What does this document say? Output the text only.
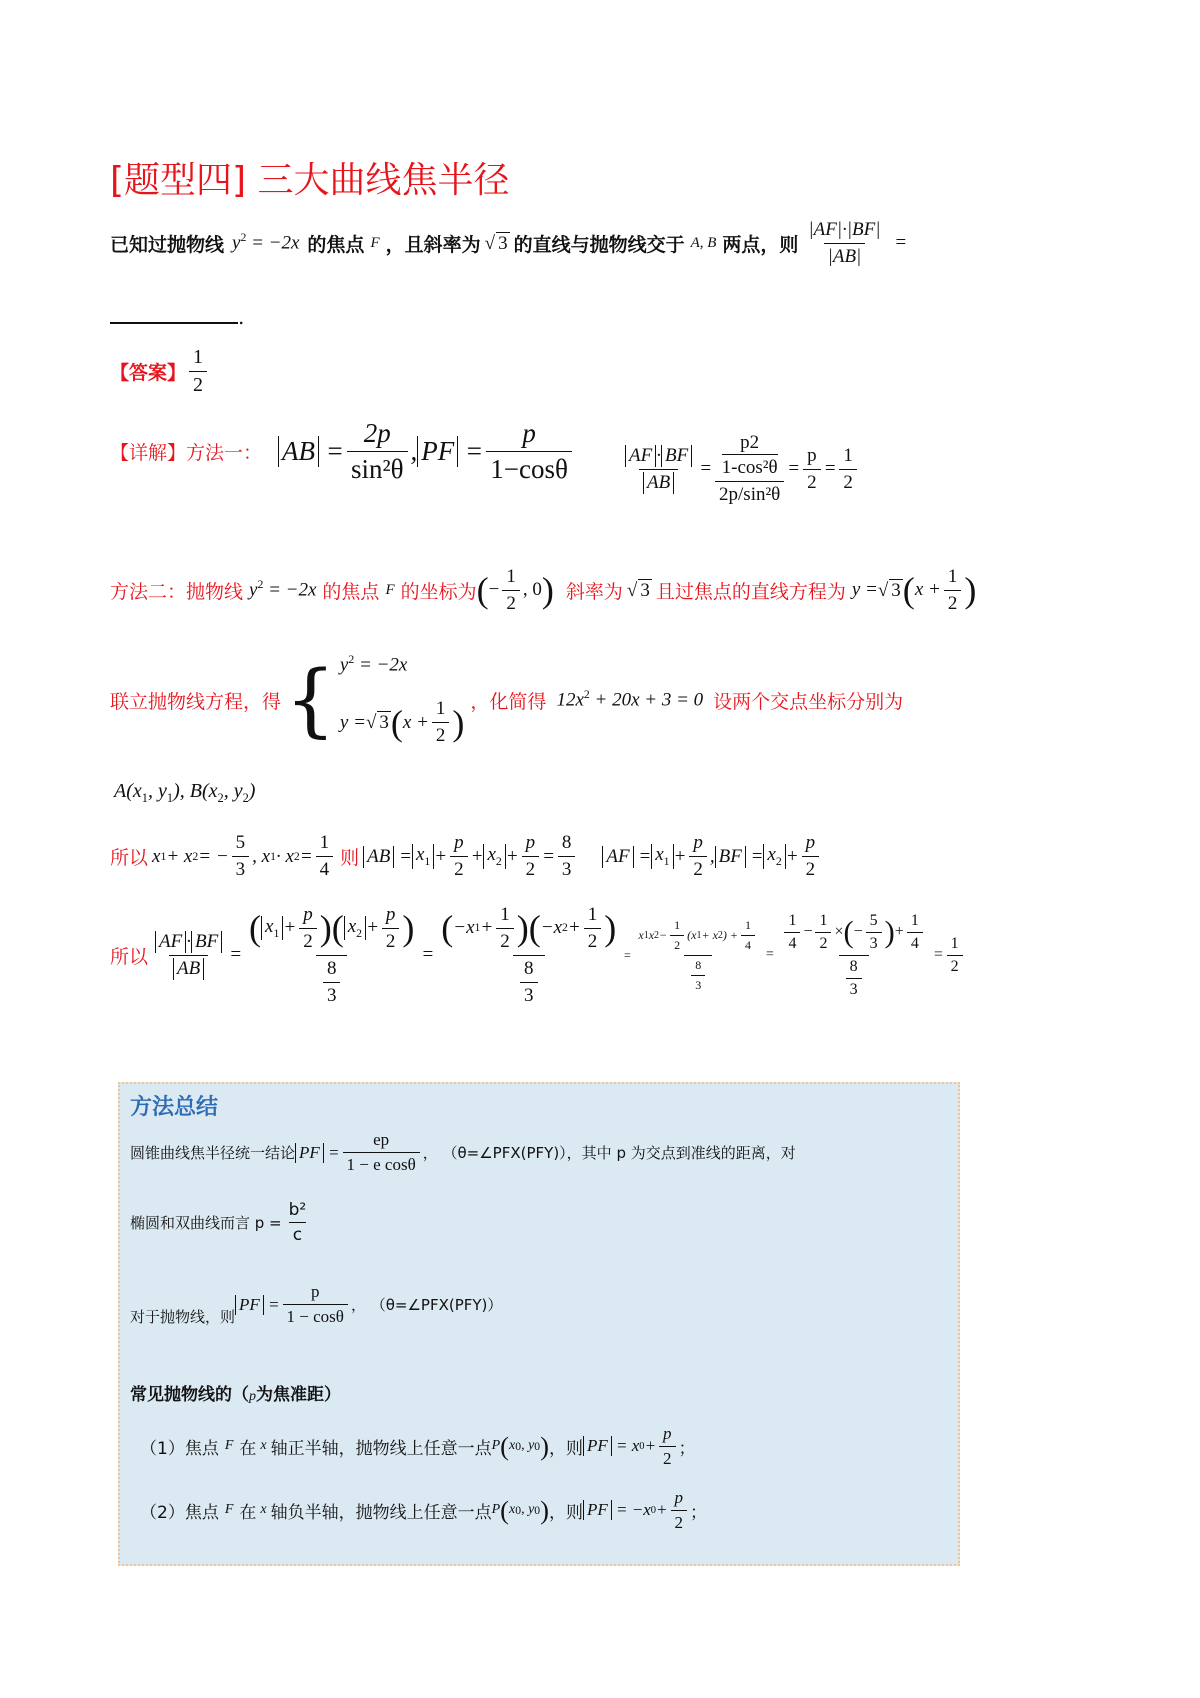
[题型四] 三大曲线焦半径
已知过抛物线 $y^2 = -2x$ 的焦点 F ，且斜率为 √ 3 的直线与抛物线交于 A, B 两点，则 $\frac{|AF|\cdot|BF|}{|AB|}$ =
.
【答案】 $\frac{1}{2}$
【详解】方法一： AB = $\frac{2p}{\text{sin²θ}}$ , PF = $\frac{p}{1-\cos\theta}$	$\frac{AF \cdot BF}{AB} = p2$
1-cos²θ
$2p/\sin^2\theta = \frac{p}{2} = \frac{1}{2}$
方法二：抛物线 $y^2 = -2x$ 的焦点 F 的坐标为 ( − $\frac{1}{2}$ , 0 ) 斜率为 √ 3 且过焦点的直线方程为 y = √ 3 ( $x + \frac{1}{2}$ )
联立抛物线方程，得 { $y^2 = -2x$
y = √ 3 ( $x + \frac{1}{2}$ )
，化简得 $12x^2 + 20x + 3 = 0$ 设两个交点坐标分别为
$A(x_1$, $y_1$), $B(x_2$, $y_2$)
所以 x 1 + x 2 = − $\frac{5}{3}$ , x 1 · x $2 = \frac{1}{4}$ 则 AB = $x_1 + \frac{p}{2} + x_2 + \frac{p}{2} = \frac{8}{3}$ AF = $x_1 + \frac{p}{2}$ , BF = $x_2 + \frac{p}{2}$
所以 $\frac{AF \cdot BF}{AB} = \frac{( x_1 + \frac{p}{2} ) ( x_2 + \frac{p}{2} )}{\frac{8}{3}} = \frac{( -x 1 + \frac{1}{2} ) ( -x 2 + \frac{1}{2} )}{\frac{8}{3}} = \frac{x 1 x 2 - \frac{1}{2} (x 1 + x 2 ) + \frac{1}{4}}{\frac{8}{3}} = \frac{\frac{1}{4} - \frac{1}{2} \times ( - \frac{5}{3} ) + \frac{1}{4}}{\frac{8}{3}} = \frac{1}{2}$
方法总结
圆锥曲线焦半径统一结论 PF = $\frac{ep}{\text{1 − e cosθ}}$ ， （θ=∠PFX(PFY)），其中 p 为交点到准线的距离，对
椭圆和双曲线而言 $p = \frac{\text{b²}}{c}$
对于抛物线，则
PF = $\frac{p}{1 - \cos\theta}$ ， （θ=∠PFX(PFY)）
常见抛物线的（p为焦准距）
（1）焦点 F 在 x 轴正半轴，抛物线上任意一点 P ( x 0 , y 0 ) ，则 PF = x $0 + \frac{p}{2}$ ；
（2）焦点 F 在 x 轴负半轴，抛物线上任意一点 P ( x 0 , y 0 ) ，则 PF = −x $0 + \frac{p}{2}$ ；
